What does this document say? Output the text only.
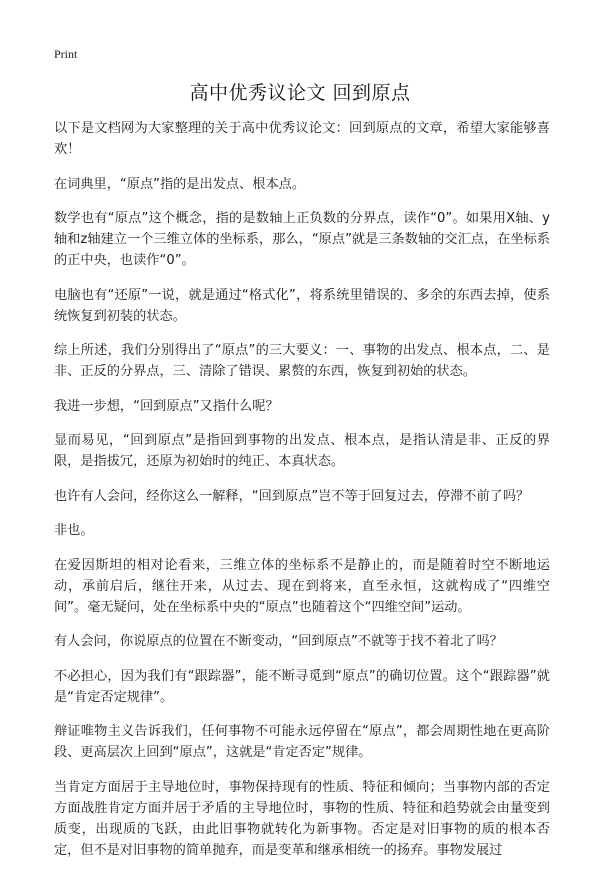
Print
高中优秀议论文 回到原点

以下是文档网为大家整理的关于高中优秀议论文：回到原点的文章，希望大家能够喜欢！

在词典里，“原点”指的是出发点、根本点。

数学也有“原点”这个概念，指的是数轴上正负数的分界点，读作“0”。如果用X轴、y轴和z轴建立一个三维立体的坐标系，那么，“原点”就是三条数轴的交汇点，在坐标系的正中央，也读作“0”。

电脑也有“还原”一说，就是通过“格式化”，将系统里错误的、多余的东西去掉，使系统恢复到初装的状态。

综上所述，我们分别得出了“原点”的三大要义：一、事物的出发点、根本点，二、是非、正反的分界点，三、清除了错误、累赘的东西，恢复到初始的状态。

我进一步想，“回到原点”又指什么呢？

显而易见，“回到原点”是指回到事物的出发点、根本点，是指认清是非、正反的界限，是指拔冗，还原为初始时的纯正、本真状态。

也许有人会问，经你这么一解释，“回到原点”岂不等于回复过去，停滞不前了吗？

非也。

在爱因斯坦的相对论看来，三维立体的坐标系不是静止的，而是随着时空不断地运动，承前启后，继往开来，从过去、现在到将来，直至永恒，这就构成了“四维空间”。毫无疑问，处在坐标系中央的“原点”也随着这个“四维空间”运动。

有人会问，你说原点的位置在不断变动，“回到原点”不就等于找不着北了吗？

不必担心，因为我们有“跟踪器”，能不断寻觅到“原点”的确切位置。这个“跟踪器”就是“肯定否定规律”。

辩证唯物主义告诉我们，任何事物不可能永远停留在“原点”，都会周期性地在更高阶段、更高层次上回到“原点”，这就是“肯定否定”规律。

当肯定方面居于主导地位时，事物保持现有的性质、特征和倾向；当事物内部的否定方面战胜肯定方面并居于矛盾的主导地位时，事物的性质、特征和趋势就会由量变到质变，出现质的飞跃，由此旧事物就转化为新事物。否定是对旧事物的质的根本否定，但不是对旧事物的简单抛弃，而是变革和继承相统一的扬弃。事物发展过
